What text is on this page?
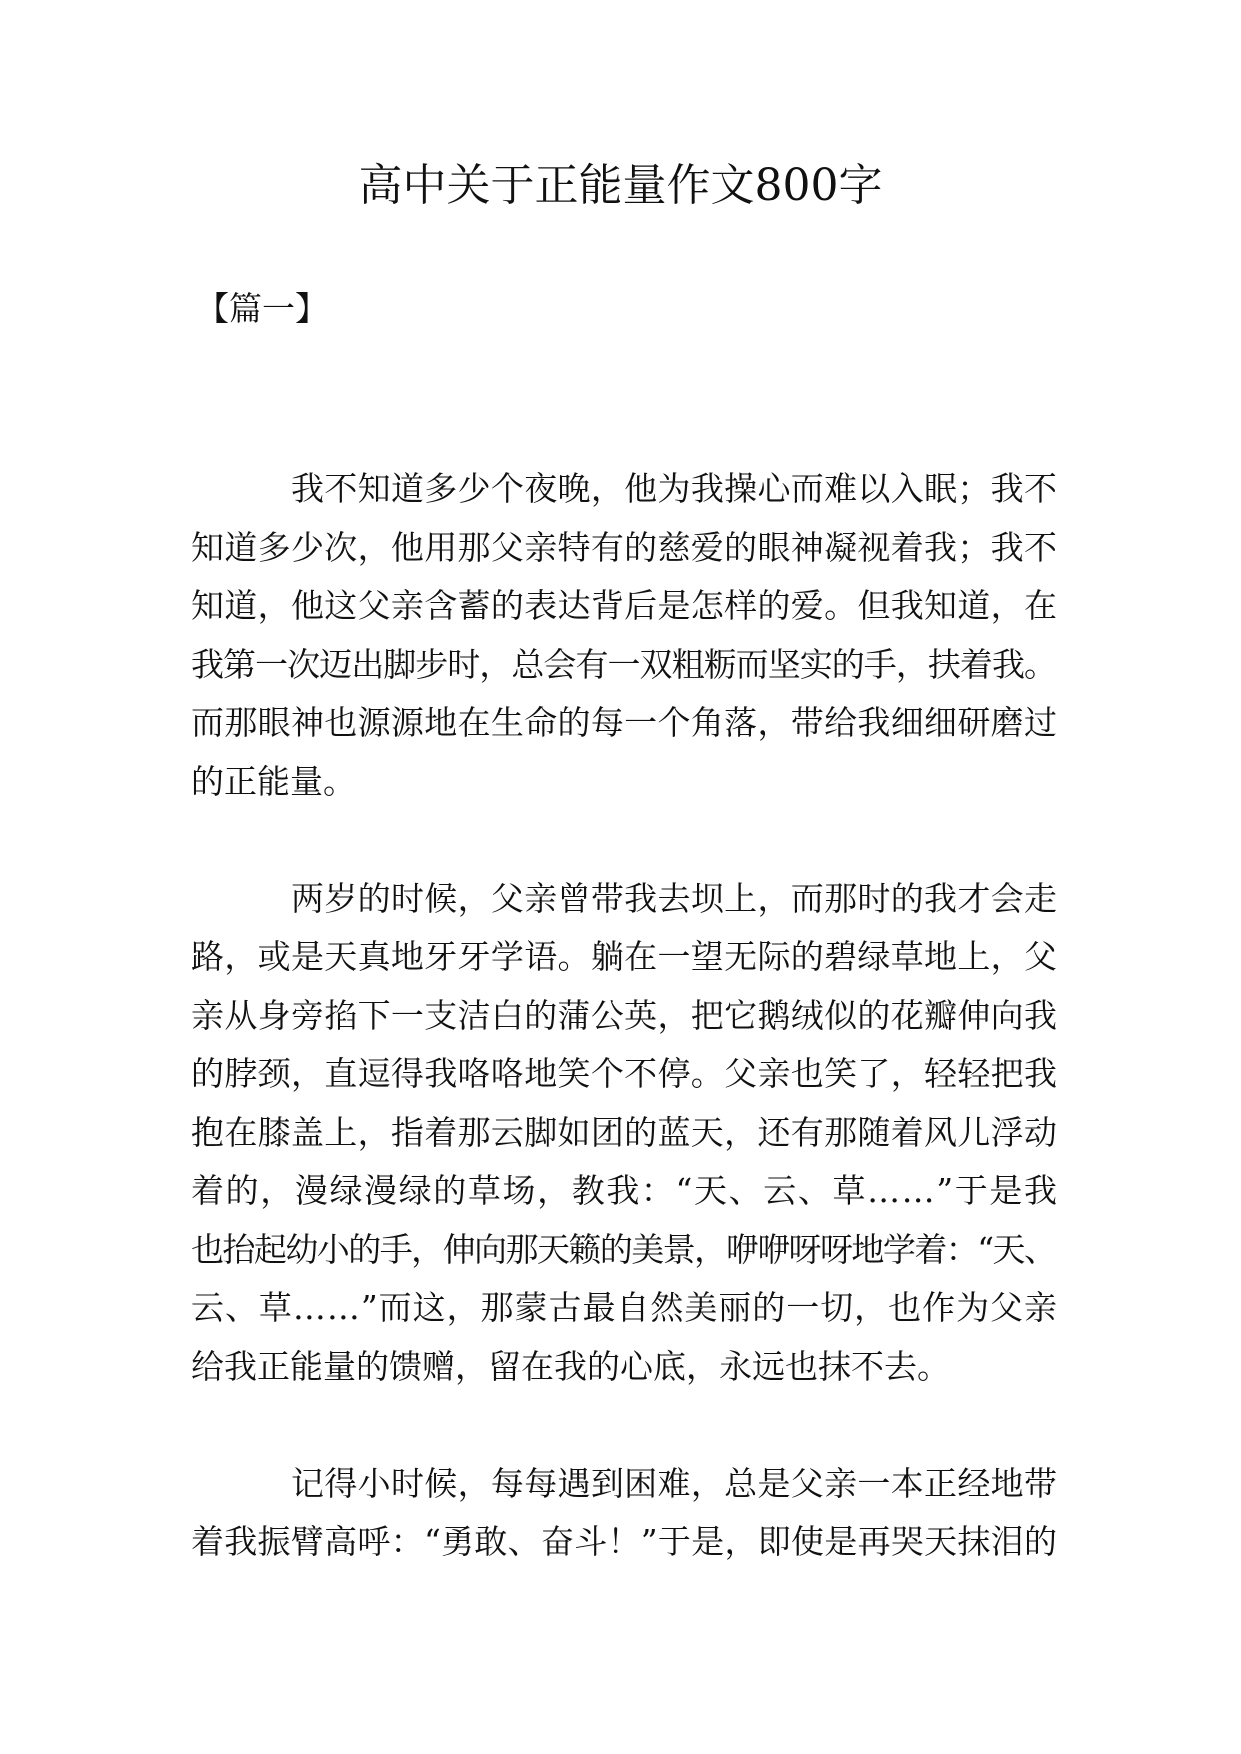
高中关于正能量作文800字
【篇一】
我不知道多少个夜晚，他为我操心而难以入眠；我不
知道多少次，他用那父亲特有的慈爱的眼神凝视着我；我不
知道，他这父亲含蓄的表达背后是怎样的爱。但我知道，在
我第一次迈出脚步时，总会有一双粗粝而坚实的手，扶着我。
而那眼神也源源地在生命的每一个角落，带给我细细研磨过
的正能量。
两岁的时候，父亲曾带我去坝上，而那时的我才会走
路，或是天真地牙牙学语。躺在一望无际的碧绿草地上，父
亲从身旁掐下一支洁白的蒲公英，把它鹅绒似的花瓣伸向我
的脖颈，直逗得我咯咯地笑个不停。父亲也笑了，轻轻把我
抱在膝盖上，指着那云脚如团的蓝天，还有那随着风儿浮动
着的，漫绿漫绿的草场，教我：“天、云、草……”于是我
也抬起幼小的手，伸向那天籁的美景，咿咿呀呀地学着：“天、
云、草……”而这，那蒙古最自然美丽的一切，也作为父亲
给我正能量的馈赠，留在我的心底，永远也抹不去。
记得小时候，每每遇到困难，总是父亲一本正经地带
着我振臂高呼：“勇敢、奋斗！”于是，即使是再哭天抹泪的
